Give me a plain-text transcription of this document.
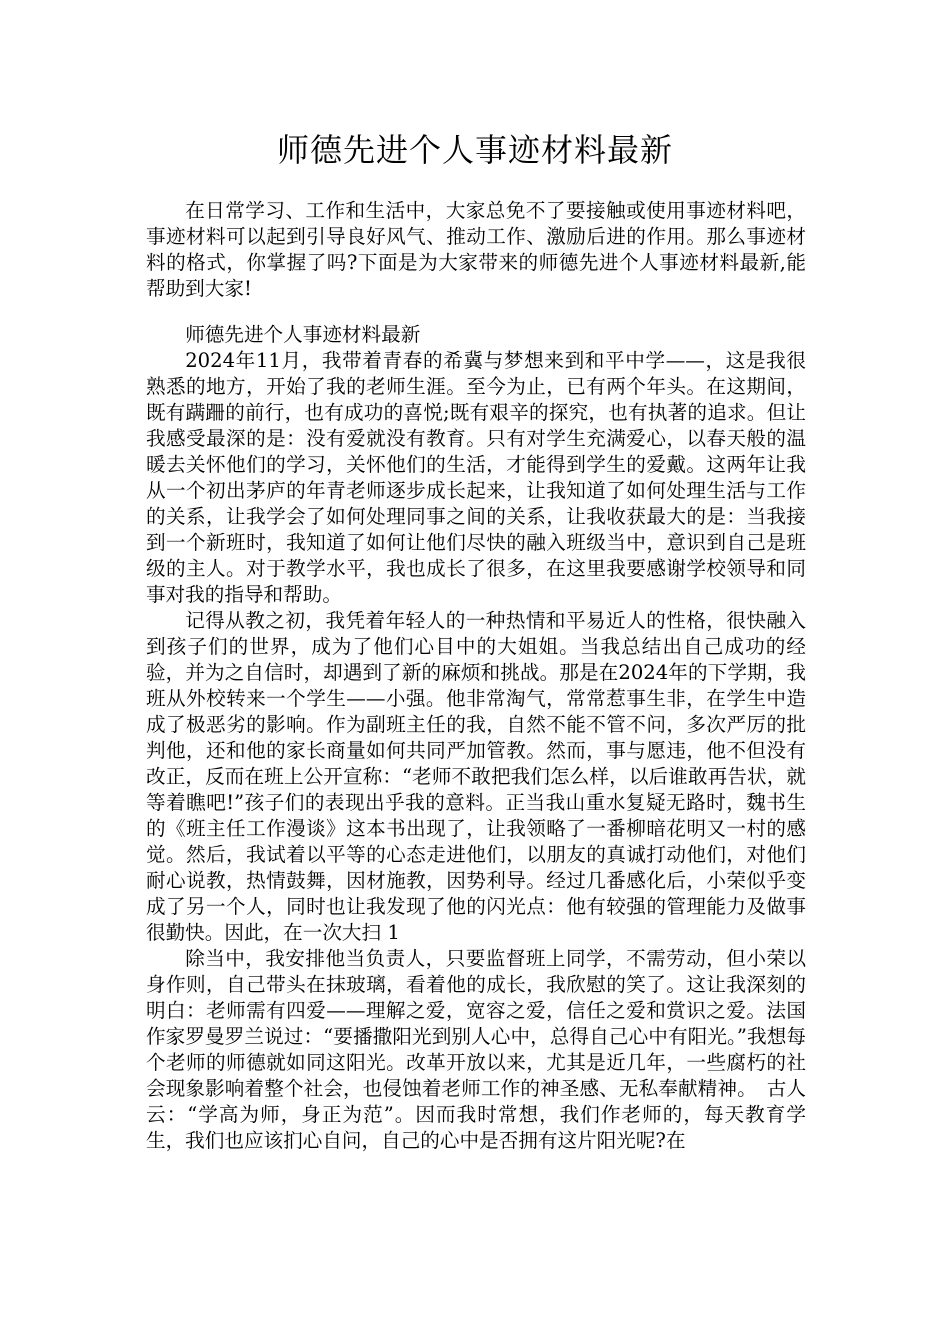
师德先进个人事迹材料最新

在日常学习、工作和生活中，大家总免不了要接触或使用事迹材料吧，事迹材料可以起到引导良好风气、推动工作、激励后进的作用。那么事迹材料的格式，你掌握了吗?下面是为大家带来的师德先进个人事迹材料最新,能帮助到大家!

师德先进个人事迹材料最新

2024年11月，我带着青春的希冀与梦想来到和平中学——，这是我很熟悉的地方，开始了我的老师生涯。至今为止，已有两个年头。在这期间，既有蹒跚的前行，也有成功的喜悦;既有艰辛的探究，也有执著的追求。但让我感受最深的是：没有爱就没有教育。只有对学生充满爱心，以春天般的温暖去关怀他们的学习，关怀他们的生活，才能得到学生的爱戴。这两年让我从一个初出茅庐的年青老师逐步成长起来，让我知道了如何处理生活与工作的关系，让我学会了如何处理同事之间的关系，让我收获最大的是：当我接到一个新班时，我知道了如何让他们尽快的融入班级当中，意识到自己是班级的主人。对于教学水平，我也成长了很多，在这里我要感谢学校领导和同事对我的指导和帮助。

记得从教之初，我凭着年轻人的一种热情和平易近人的性格，很快融入到孩子们的世界，成为了他们心目中的大姐姐。当我总结出自己成功的经验，并为之自信时，却遇到了新的麻烦和挑战。那是在2024年的下学期，我班从外校转来一个学生——小强。他非常淘气，常常惹事生非，在学生中造成了极恶劣的影响。作为副班主任的我，自然不能不管不问，多次严厉的批判他，还和他的家长商量如何共同严加管教。然而，事与愿违，他不但没有改正，反而在班上公开宣称：“老师不敢把我们怎么样，以后谁敢再告状，就等着瞧吧!”孩子们的表现出乎我的意料。正当我山重水复疑无路时，魏书生的《班主任工作漫谈》这本书出现了，让我领略了一番柳暗花明又一村的感觉。然后，我试着以平等的心态走进他们，以朋友的真诚打动他们，对他们耐心说教，热情鼓舞，因材施教，因势利导。经过几番感化后，小荣似乎变成了另一个人，同时也让我发现了他的闪光点：他有较强的管理能力及做事很勤快。因此，在一次大扫 1

除当中，我安排他当负责人，只要监督班上同学，不需劳动，但小荣以身作则，自己带头在抹玻璃，看着他的成长，我欣慰的笑了。这让我深刻的明白：老师需有四爱——理解之爱，宽容之爱，信任之爱和赏识之爱。法国作家罗曼罗兰说过：“要播撒阳光到别人心中，总得自己心中有阳光。”我想每个老师的师德就如同这阳光。改革开放以来，尤其是近几年，一些腐朽的社会现象影响着整个社会，也侵蚀着老师工作的神圣感、无私奉献精神。　古人云：“学高为师，身正为范”。因而我时常想，我们作老师的，每天教育学生，我们也应该扪心自问，自己的心中是否拥有这片阳光呢?在
